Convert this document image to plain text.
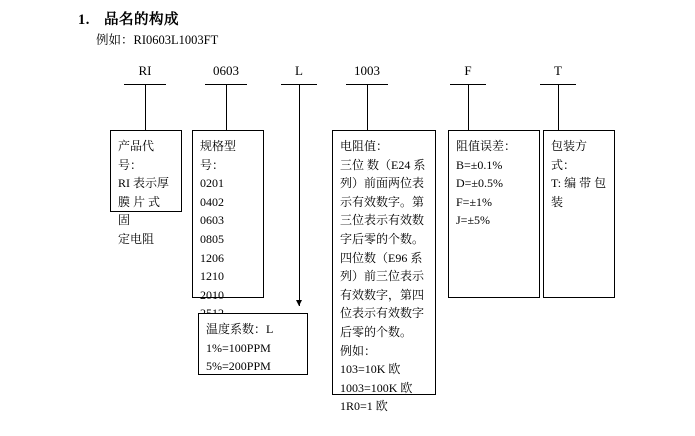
1. 品名的构成
例如：RI0603L1003FT
RI	0603	L	1003	F	T

产品代号：

RI 表示厚

膜 片 式 固

定电阻

规格型号：

0201

0402

0603

0805

1206

1210

2010

温度系数：L

1%=100PPM

5%=200PPM

电阻值：

三位 数（E24 系

列）前面两位表

示有效数字。第

三位表示有效数

字后零的个数。

四位数（E96 系

列）前三位表示

有效数字，第四

位表示有效数字

后零的个数。

例如：

103=10K 欧

1003=100K 欧

1R0=1 欧

阻值误差：

B=±0.1%

D=±0.5%

F=±1%

J=±5%

包装方式：

T: 编 带 包

装
